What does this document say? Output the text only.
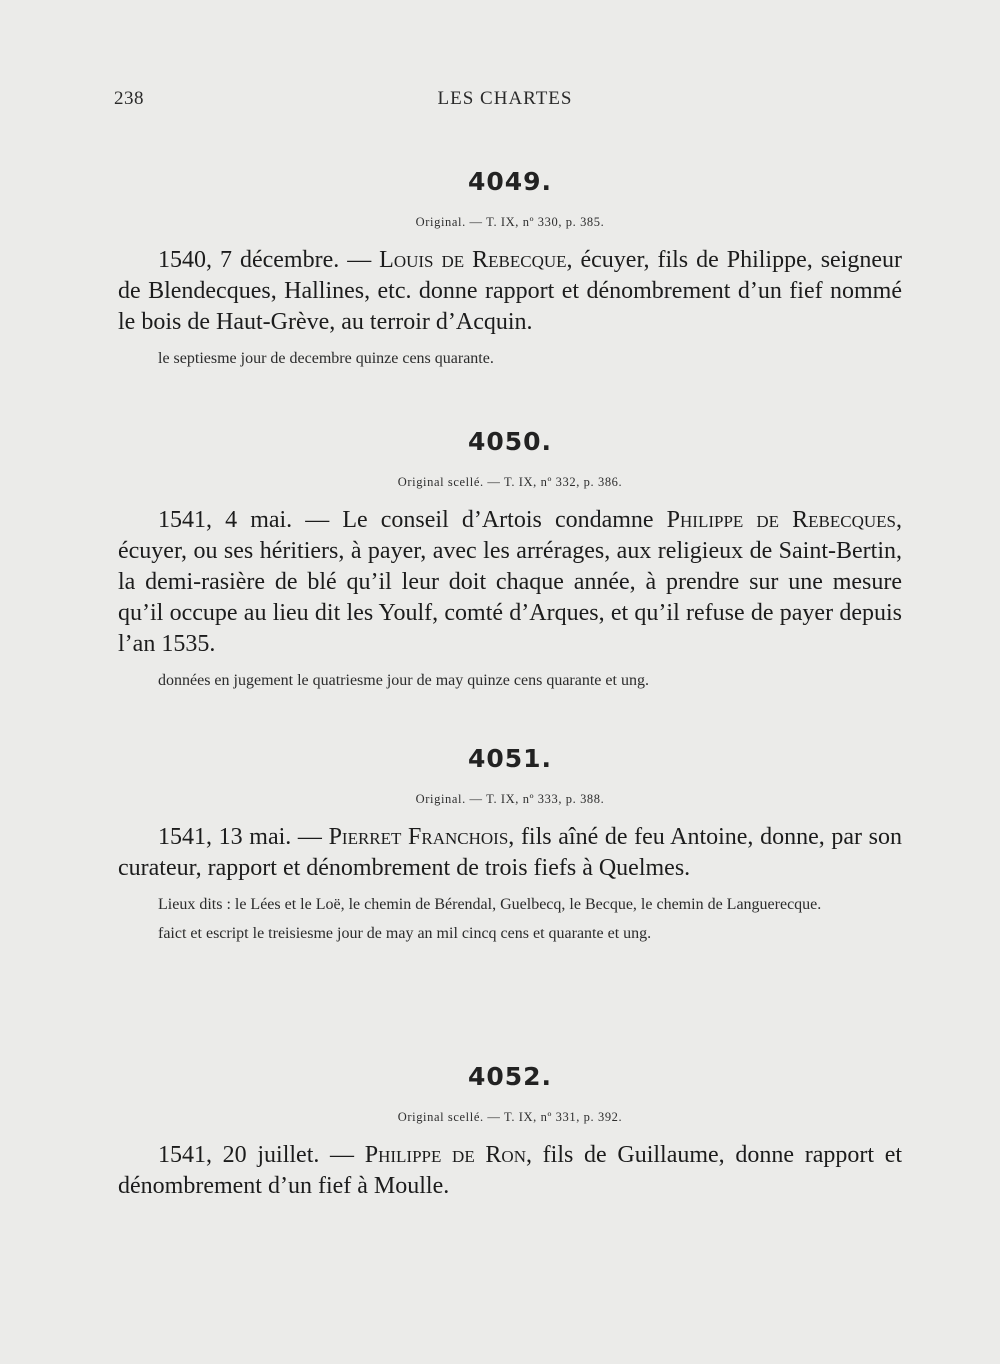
238	LES CHARTES
4049.
Original. — T. IX, nº 330, p. 385.
1540, 7 décembre. — Louis de Rebecque, écuyer, fils de Philippe, seigneur de Blendecques, Hallines, etc. donne rapport et dénombrement d’un fief nommé le bois de Haut-Grève, au terroir d’Acquin.
le septiesme jour de decembre quinze cens quarante.
4050.
Original scellé. — T. IX, nº 332, p. 386.
1541, 4 mai. — Le conseil d’Artois condamne Philippe de Rebecques, écuyer, ou ses héritiers, à payer, avec les arrérages, aux religieux de Saint-Bertin, la demi-rasière de blé qu’il leur doit chaque année, à prendre sur une mesure qu’il occupe au lieu dit les Youlf, comté d’Arques, et qu’il refuse de payer depuis l’an 1535.
données en jugement le quatriesme jour de may quinze cens quarante et ung.
4051.
Original. — T. IX, nº 333, p. 388.
1541, 13 mai. — Pierret Franchois, fils aîné de feu Antoine, donne, par son curateur, rapport et dénombrement de trois fiefs à Quelmes.
Lieux dits : le Lées et le Loë, le chemin de Bérendal, Guelbecq, le Becque, le chemin de Languerecque.
faict et escript le treisiesme jour de may an mil cincq cens et quarante et ung.
4052.
Original scellé. — T. IX, nº 331, p. 392.
1541, 20 juillet. — Philippe de Ron, fils de Guillaume, donne rapport et dénombrement d’un fief à Moulle.
